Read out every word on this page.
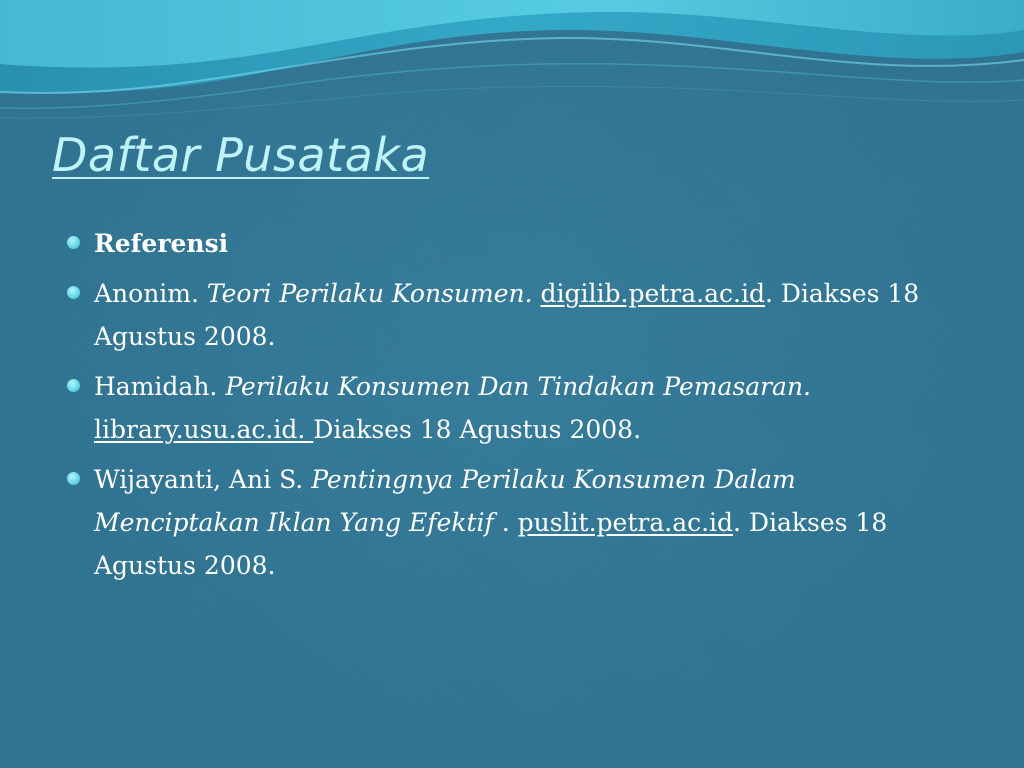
Daftar Pusataka
Referensi
Anonim. Teori Perilaku Konsumen. digilib.petra.ac.id. Diakses 18 Agustus 2008.
Hamidah. Perilaku Konsumen Dan Tindakan Pemasaran. library.usu.ac.id. Diakses 18 Agustus 2008.
Wijayanti, Ani S. Pentingnya Perilaku Konsumen Dalam Menciptakan Iklan Yang Efektif . puslit.petra.ac.id. Diakses 18 Agustus 2008.
